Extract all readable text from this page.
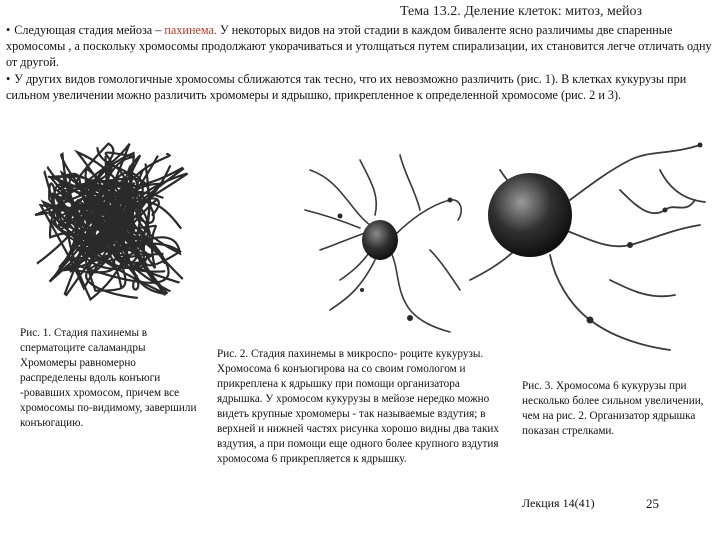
Тема 13.2. Деление клеток: митоз, мейоз

• Следующая стадия мейоза – пахинема. У некоторых видов на этой стадии в каждом биваленте ясно различимы две спаренные хромосомы , а поскольку хромосомы продолжают укорачиваться и утолщаться путем спирализации, их становится легче отличать одну от другой.

• У других видов гомологичные хромосомы сближаются так тесно, что их невозможно различить (рис. 1). В клетках кукурузы при сильном увеличении можно различить хромомеры и ядрышко, прикрепленное к определенной хромосоме (рис. 2 и 3).

Рис. 1. Стадия пахинемы в сперматоците саламандры Хромомеры равномерно распределены вдоль конъюги -ровавших хромосом, причем все хромосомы по-видимому, завершили конъюгацию.
Рис. 2. Стадия пахинемы в микроспо- роците кукурузы. Хромосома 6 конъюгирова на со своим гомологом и прикреплена к ядрышку при помощи организатора ядрышка. У хромосом кукурузы в мейозе нередко можно видеть крупные хромомеры - так называемые вздутия; в верхней и нижней частях рисунка хорошо видны два таких вздутия, а при помощи еще одного более крупного вздутия хромосома 6 прикрепляется к ядрышку.
Рис. 3. Хромосома 6 кукурузы при несколько более сильном увеличении, чем на рис. 2. Организатор ядрышка показан стрелками.
Лекция 14(41)	25
